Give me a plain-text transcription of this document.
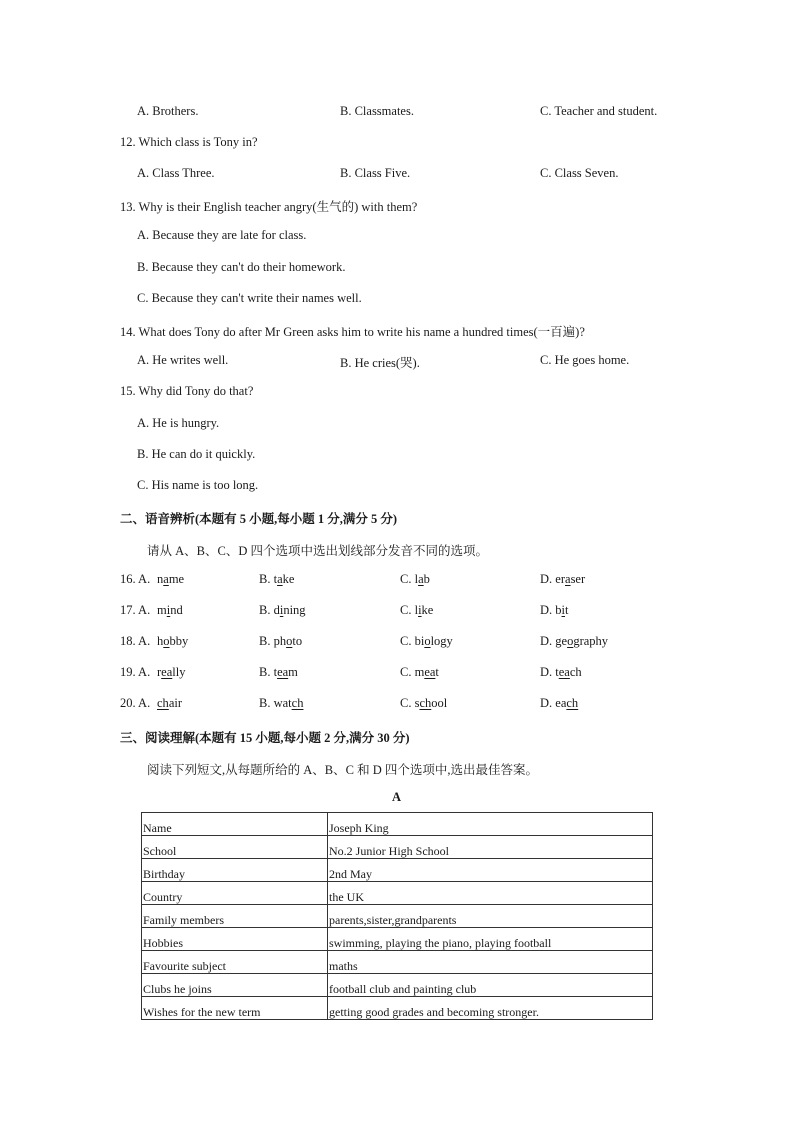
A. Brothers.	B. Classmates.	C. Teacher and student.
12. Which class is Tony in?
A. Class Three.	B. Class Five.	C. Class Seven.
13. Why is their English teacher angry(生气的) with them?
A. Because they are late for class.
B. Because they can't do their homework.
C. Because they can't write their names well.
14. What does Tony do after Mr Green asks him to write his name a hundred times(一百遍)?
A. He writes well.	B. He cries(哭).	C. He goes home.
15. Why did Tony do that?
A. He is hungry.
B. He can do it quickly.
C. His name is too long.
二、语音辨析(本题有 5 小题,每小题 1 分,满分 5 分)
请从 A、B、C、D 四个选项中选出划线部分发音不同的选项。
16. A. name	B. take	C. lab	D. eraser
17. A. mind	B. dining	C. like	D. bit
18. A. hobby	B. photo	C. biology	D. geography
19. A. really	B. team	C. meat	D. teach
20. A. chair	B. watch	C. school	D. each
三、阅读理解(本题有 15 小题,每小题 2 分,满分 30 分)
阅读下列短文,从每题所给的 A、B、C 和 D 四个选项中,选出最佳答案。
A
Name	Joseph King
School	No.2 Junior High School
Birthday	2nd May
Country	the UK
Family members	parents,sister,grandparents
Hobbies	swimming, playing the piano, playing football
Favourite subject	maths
Clubs he joins	football club and painting club
Wishes for the new term	getting good grades and becoming stronger.
